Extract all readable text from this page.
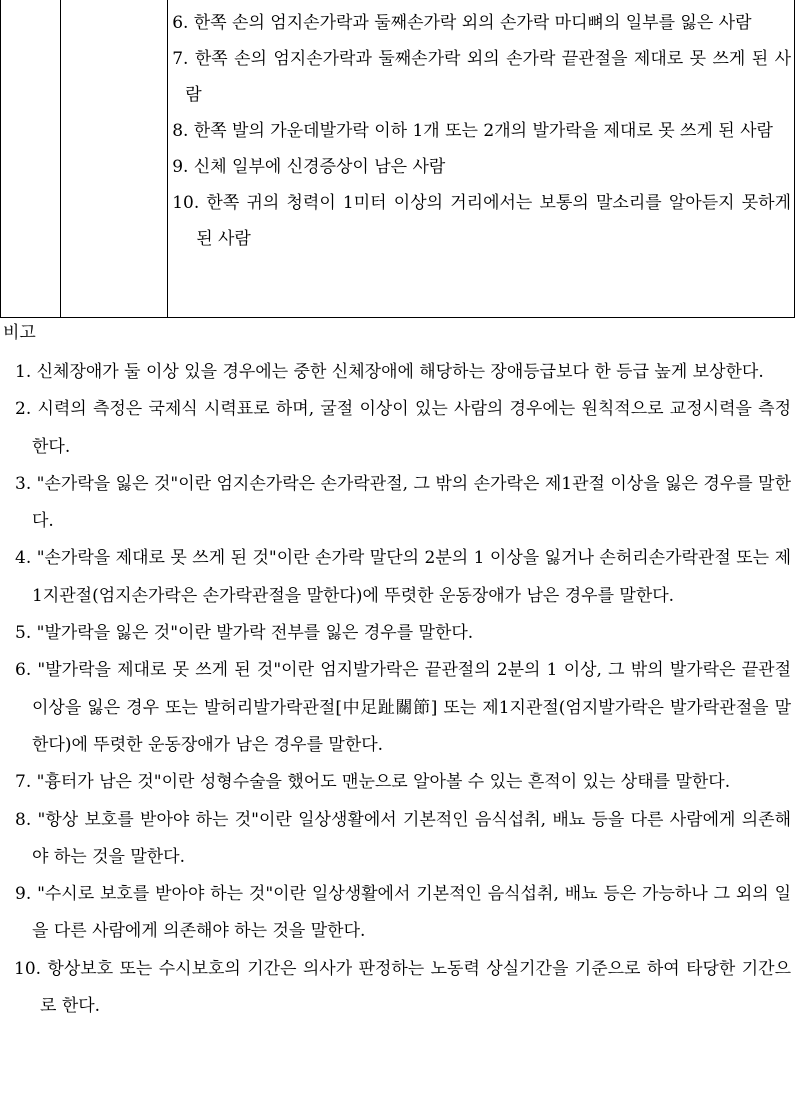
6. 한쪽 손의 엄지손가락과 둘째손가락 외의 손가락 마디뼈의 일부를 잃은 사람
7. 한쪽 손의 엄지손가락과 둘째손가락 외의 손가락 끝관절을 제대로 못 쓰게 된 사람
8. 한쪽 발의 가운데발가락 이하 1개 또는 2개의 발가락을 제대로 못 쓰게 된 사람
9. 신체 일부에 신경증상이 남은 사람
10. 한쪽 귀의 청력이 1미터 이상의 거리에서는 보통의 말소리를 알아듣지 못하게 된 사람
비고
1. 신체장애가 둘 이상 있을 경우에는 중한 신체장애에 해당하는 장애등급보다 한 등급 높게 보상한다.
2. 시력의 측정은 국제식 시력표로 하며, 굴절 이상이 있는 사람의 경우에는 원칙적으로 교정시력을 측정한다.
3. "손가락을 잃은 것"이란 엄지손가락은 손가락관절, 그 밖의 손가락은 제1관절 이상을 잃은 경우를 말한다.
4. "손가락을 제대로 못 쓰게 된 것"이란 손가락 말단의 2분의 1 이상을 잃거나 손허리손가락관절 또는 제1지관절(엄지손가락은 손가락관절을 말한다)에 뚜렷한 운동장애가 남은 경우를 말한다.
5. "발가락을 잃은 것"이란 발가락 전부를 잃은 경우를 말한다.
6. "발가락을 제대로 못 쓰게 된 것"이란 엄지발가락은 끝관절의 2분의 1 이상, 그 밖의 발가락은 끝관절 이상을 잃은 경우 또는 발허리발가락관절[中足趾關節] 또는 제1지관절(엄지발가락은 발가락관절을 말한다)에 뚜렷한 운동장애가 남은 경우를 말한다.
7. "흉터가 남은 것"이란 성형수술을 했어도 맨눈으로 알아볼 수 있는 흔적이 있는 상태를 말한다.
8. "항상 보호를 받아야 하는 것"이란 일상생활에서 기본적인 음식섭취, 배뇨 등을 다른 사람에게 의존해야 하는 것을 말한다.
9. "수시로 보호를 받아야 하는 것"이란 일상생활에서 기본적인 음식섭취, 배뇨 등은 가능하나 그 외의 일을 다른 사람에게 의존해야 하는 것을 말한다.
10. 항상보호 또는 수시보호의 기간은 의사가 판정하는 노동력 상실기간을 기준으로 하여 타당한 기간으로 한다.
